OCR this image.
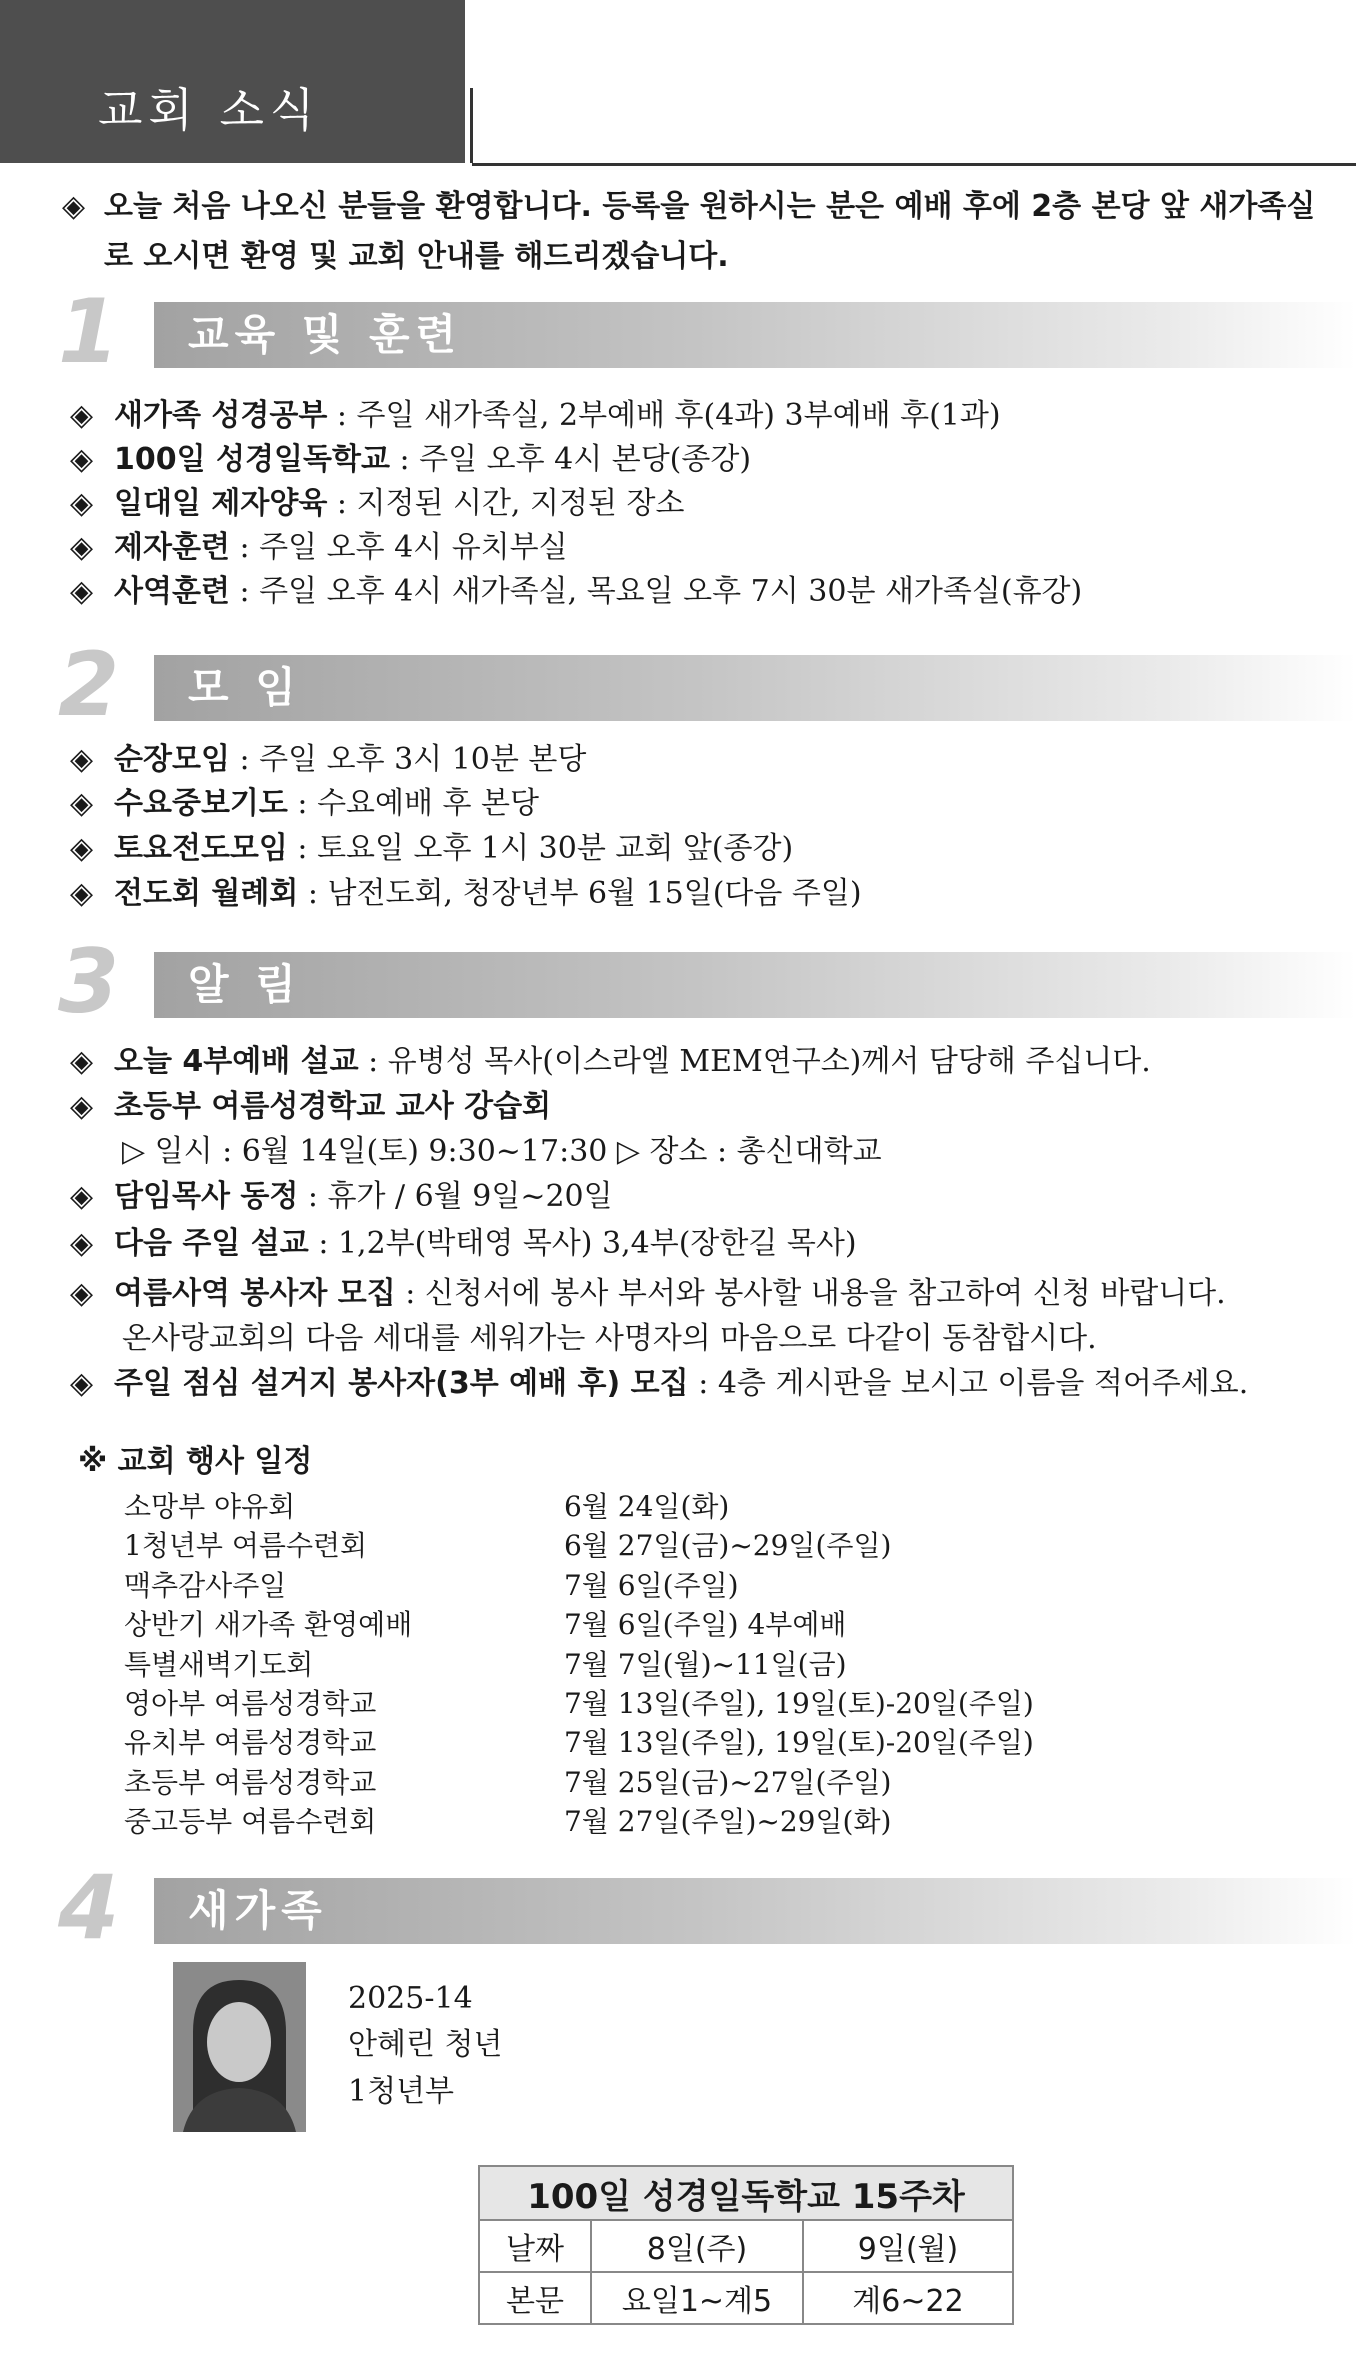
교회 소식
◈ 오늘 처음 나오신 분들을 환영합니다. 등록을 원하시는 분은 예배 후에 2층 본당 앞 새가족실
로 오시면 환영 및 교회 안내를 해드리겠습니다.
1 교육 및 훈련
◈ 새가족 성경공부 : 주일 새가족실, 2부예배 후(4과) 3부예배 후(1과)
◈ 100일 성경일독학교 : 주일 오후 4시 본당(종강)
◈ 일대일 제자양육 : 지정된 시간, 지정된 장소
◈ 제자훈련 : 주일 오후 4시 유치부실
◈ 사역훈련 : 주일 오후 4시 새가족실, 목요일 오후 7시 30분 새가족실(휴강)
2 모 임
◈ 순장모임 : 주일 오후 3시 10분 본당
◈ 수요중보기도 : 수요예배 후 본당
◈ 토요전도모임 : 토요일 오후 1시 30분 교회 앞(종강)
◈ 전도회 월례회 : 남전도회, 청장년부 6월 15일(다음 주일)
3 알 림
◈ 오늘 4부예배 설교 : 유병성 목사(이스라엘 MEM연구소)께서 담당해 주십니다.
◈ 초등부 여름성경학교 교사 강습회
▷ 일시 : 6월 14일(토) 9:30~17:30 ▷ 장소 : 총신대학교
◈ 담임목사 동정 : 휴가 / 6월 9일~20일
◈ 다음 주일 설교 : 1,2부(박태영 목사) 3,4부(장한길 목사)
◈ 여름사역 봉사자 모집 : 신청서에 봉사 부서와 봉사할 내용을 참고하여 신청 바랍니다.
온사랑교회의 다음 세대를 세워가는 사명자의 마음으로 다같이 동참합시다.
◈ 주일 점심 설거지 봉사자(3부 예배 후) 모집 : 4층 게시판을 보시고 이름을 적어주세요.
※ 교회 행사 일정
소망부 야유회	6월 24일(화)
1청년부 여름수련회	6월 27일(금)~29일(주일)
맥추감사주일	7월 6일(주일)
상반기 새가족 환영예배	7월 6일(주일) 4부예배
특별새벽기도회	7월 7일(월)~11일(금)
영아부 여름성경학교	7월 13일(주일), 19일(토)-20일(주일)
유치부 여름성경학교	7월 13일(주일), 19일(토)-20일(주일)
초등부 여름성경학교	7월 25일(금)~27일(주일)
중고등부 여름수련회	7월 27일(주일)~29일(화)
4 새가족
2025-14
안혜린 청년
1청년부
100일 성경일독학교 15주차		
날짜	8일(주)	9일(월)
본문	요일1~계5	계6~22
